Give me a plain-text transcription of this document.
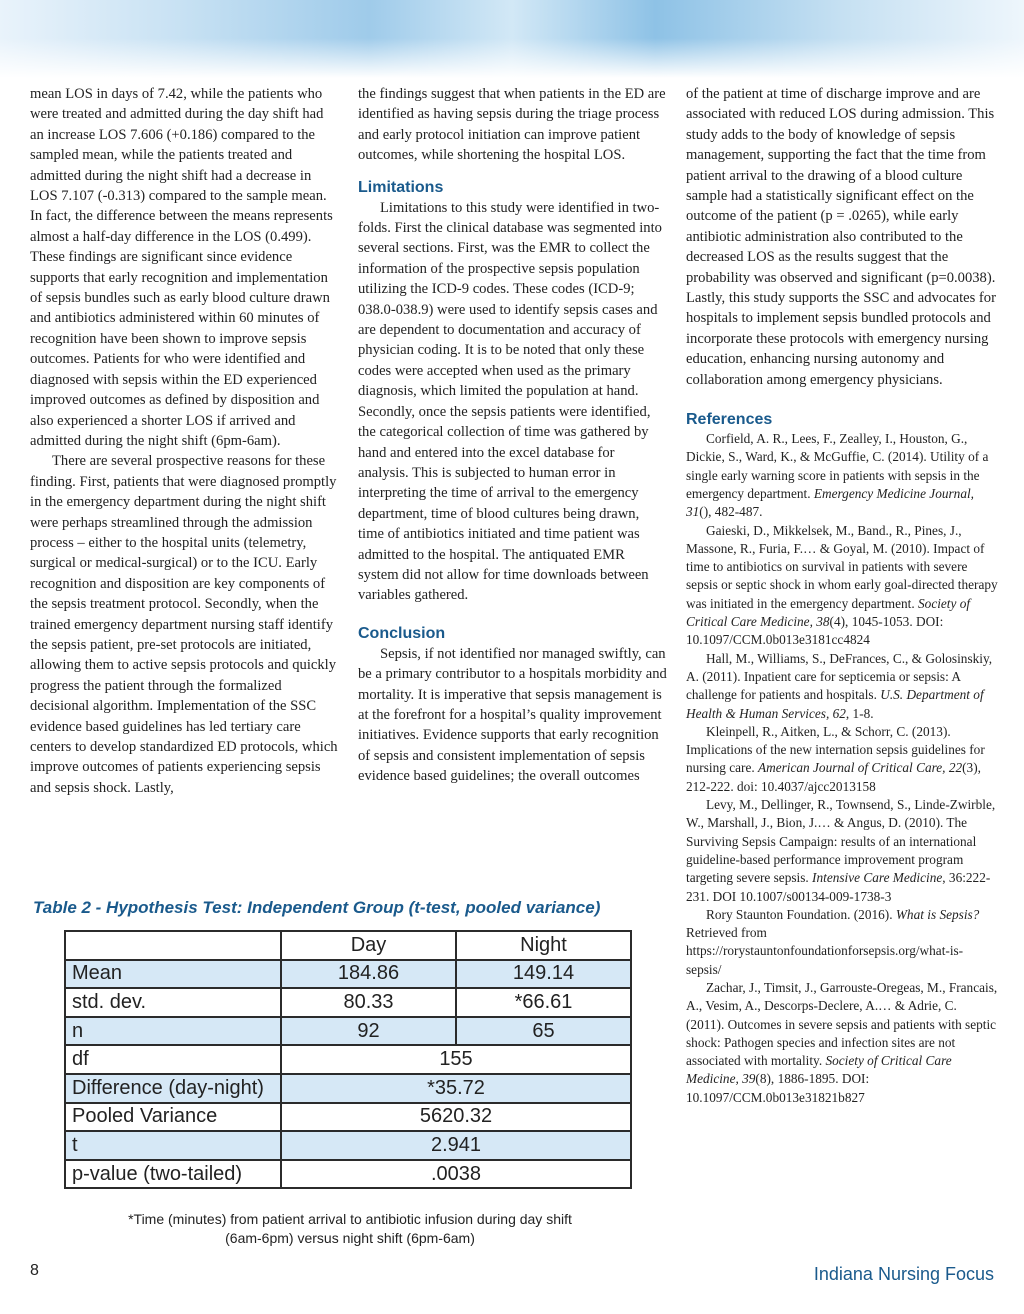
mean LOS in days of 7.42, while the patients who were treated and admitted during the day shift had an increase LOS 7.606 (+0.186) compared to the sampled mean, while the patients treated and admitted during the night shift had a decrease in LOS 7.107 (-0.313) compared to the sample mean. In fact, the difference between the means represents almost a half-day difference in the LOS (0.499). These findings are significant since evidence supports that early recognition and implementation of sepsis bundles such as early blood culture drawn and antibiotics administered within 60 minutes of recognition have been shown to improve sepsis outcomes. Patients for who were identified and diagnosed with sepsis within the ED experienced improved outcomes as defined by disposition and also experienced a shorter LOS if arrived and admitted during the night shift (6pm-6am).

There are several prospective reasons for these finding. First, patients that were diagnosed promptly in the emergency department during the night shift were perhaps streamlined through the admission process – either to the hospital units (telemetry, surgical or medical-surgical) or to the ICU. Early recognition and disposition are key components of the sepsis treatment protocol. Secondly, when the trained emergency department nursing staff identify the sepsis patient, pre-set protocols are initiated, allowing them to active sepsis protocols and quickly progress the patient through the formalized decisional algorithm. Implementation of the SSC evidence based guidelines has led tertiary care centers to develop standardized ED protocols, which improve outcomes of patients experiencing sepsis and sepsis shock. Lastly,

the findings suggest that when patients in the ED are identified as having sepsis during the triage process and early protocol initiation can improve patient outcomes, while shortening the hospital LOS.

Limitations

Limitations to this study were identified in two-folds. First the clinical database was segmented into several sections. First, was the EMR to collect the information of the prospective sepsis population utilizing the ICD-9 codes. These codes (ICD-9; 038.0-038.9) were used to identify sepsis cases and are dependent to documentation and accuracy of physician coding. It is to be noted that only these codes were accepted when used as the primary diagnosis, which limited the population at hand. Secondly, once the sepsis patients were identified, the categorical collection of time was gathered by hand and entered into the excel database for analysis. This is subjected to human error in interpreting the time of arrival to the emergency department, time of blood cultures being drawn, time of antibiotics initiated and time patient was admitted to the hospital. The antiquated EMR system did not allow for time downloads between variables gathered.

Conclusion

Sepsis, if not identified nor managed swiftly, can be a primary contributor to a hospitals morbidity and mortality. It is imperative that sepsis management is at the forefront for a hospital’s quality improvement initiatives. Evidence supports that early recognition of sepsis and consistent implementation of sepsis evidence based guidelines; the overall outcomes

of the patient at time of discharge improve and are associated with reduced LOS during admission. This study adds to the body of knowledge of sepsis management, supporting the fact that the time from patient arrival to the drawing of a blood culture sample had a statistically significant effect on the outcome of the patient (p = .0265), while early antibiotic administration also contributed to the decreased LOS as the results suggest that the probability was observed and significant (p=0.0038). Lastly, this study supports the SSC and advocates for hospitals to implement sepsis bundled protocols and incorporate these protocols with emergency nursing education, enhancing nursing autonomy and collaboration among emergency physicians.

References

Corfield, A. R., Lees, F., Zealley, I., Houston, G., Dickie, S., Ward, K., & McGuffie, C. (2014). Utility of a single early warning score in patients with sepsis in the emergency department. Emergency Medicine Journal, 31(), 482-487.

Gaieski, D., Mikkelsek, M., Band., R., Pines, J., Massone, R., Furia, F.… & Goyal, M. (2010). Impact of time to antibiotics on survival in patients with severe sepsis or septic shock in whom early goal-directed therapy was initiated in the emergency department. Society of Critical Care Medicine, 38(4), 1045-1053. DOI: 10.1097/CCM.0b013e3181cc4824

Hall, M., Williams, S., DeFrances, C., & Golosinskiy, A. (2011). Inpatient care for septicemia or sepsis: A challenge for patients and hospitals. U.S. Department of Health & Human Services, 62, 1-8.

Kleinpell, R., Aitken, L., & Schorr, C. (2013). Implications of the new internation sepsis guidelines for nursing care. American Journal of Critical Care, 22(3), 212-222. doi: 10.4037/ajcc2013158

Levy, M., Dellinger, R., Townsend, S., Linde-Zwirble, W., Marshall, J., Bion, J.… & Angus, D. (2010). The Surviving Sepsis Campaign: results of an international guideline-based performance improvement program targeting severe sepsis. Intensive Care Medicine, 36:222-231. DOI 10.1007/s00134-009-1738-3

Rory Staunton Foundation. (2016). What is Sepsis? Retrieved from https://rorystauntonfoundationforsepsis.org/what-is-sepsis/

Zachar, J., Timsit, J., Garrouste-Oregeas, M., Francais, A., Vesim, A., Descorps-Declere, A.… & Adrie, C. (2011). Outcomes in severe sepsis and patients with septic shock: Pathogen species and infection sites are not associated with mortality. Society of Critical Care Medicine, 39(8), 1886-1895. DOI: 10.1097/CCM.0b013e31821b827

Table 2 - Hypothesis Test: Independent Group (t-test, pooled variance)
	Day	Night
Mean	184.86	149.14
std. dev.	80.33	*66.61
n	92	65
df	155	
Difference (day-night)	*35.72	
Pooled Variance	5620.32	
t	2.941	
p-value (two-tailed)	.0038	
*Time (minutes) from patient arrival to antibiotic infusion during day shift (6am-6pm) versus night shift (6pm-6am)
8	Indiana Nursing Focus
